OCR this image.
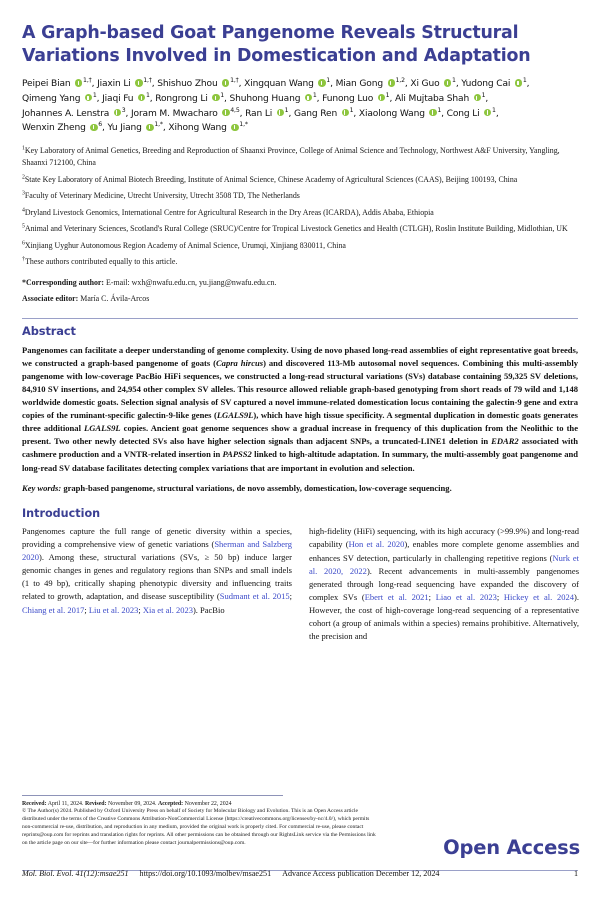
A Graph-based Goat Pangenome Reveals Structural Variations Involved in Domestication and Adaptation
Peipei Bian $^{1,\dagger}$, Jiaxin Li $^{1,\dagger}$, Shishuo Zhou $^{1,\dagger}$, Xingquan Wang $^1$, Mian Gong $^{1,2}$, Xi Guo $^1$, Yudong Cai $^1$, Qimeng Yang $^1$, Jiaqi Fu $^1$, Rongrong Li $^1$, Shuhong Huang $^1$, Funong Luo $^1$, Ali Mujtaba Shah $^1$, Johannes A. Lenstra $^3$, Joram M. Mwacharo $^{4,5}$, Ran Li $^1$, Gang Ren $^1$, Xiaolong Wang $^1$, Cong Li $^1$, Wenxin Zheng $^6$, Yu Jiang $^{1,*}$, Xihong Wang $^{1,*}$

$^1$Key Laboratory of Animal Genetics, Breeding and Reproduction of Shaanxi Province, College of Animal Science and Technology, Northwest A&F University, Yangling, Shaanxi 712100, China

$^2$State Key Laboratory of Animal Biotech Breeding, Institute of Animal Science, Chinese Academy of Agricultural Sciences (CAAS), Beijing 100193, China

$^3$Faculty of Veterinary Medicine, Utrecht University, Utrecht 3508 TD, The Netherlands

$^4$Dryland Livestock Genomics, International Centre for Agricultural Research in the Dry Areas (ICARDA), Addis Ababa, Ethiopia

$^5$Animal and Veterinary Sciences, Scotland's Rural College (SRUC)/Centre for Tropical Livestock Genetics and Health (CTLGH), Roslin Institute Building, Midlothian, UK

$^6$Xinjiang Uyghur Autonomous Region Academy of Animal Science, Urumqi, Xinjiang 830011, China

†These authors contributed equally to this article.

*Corresponding author: E-mail: wxh@nwafu.edu.cn, yu.jiang@nwafu.edu.cn.

Associate editor: María C. Ávila-Arcos

Abstract

Pangenomes can facilitate a deeper understanding of genome complexity. Using de novo phased long-read assemblies of eight representative goat breeds, we constructed a graph-based pangenome of goats (Capra hircus) and discovered 113-Mb autosomal novel sequences. Combining this multi-assembly pangenome with low-coverage PacBio HiFi sequences, we constructed a long-read structural variations (SVs) database containing 59,325 SV deletions, 84,910 SV insertions, and 24,954 other complex SV alleles. This resource allowed reliable graph-based genotyping from short reads of 79 wild and 1,148 worldwide domestic goats. Selection signal analysis of SV captured a novel immune-related domestication locus containing the galectin-9 gene and extra copies of the ruminant-specific galectin-9-like genes (LGALS9L), which have high tissue specificity. A segmental duplication in domestic goats generates three additional LGALS9L copies. Ancient goat genome sequences show a gradual increase in frequency of this duplication from the Neolithic to the present. Two other newly detected SVs also have higher selection signals than adjacent SNPs, a truncated-LINE1 deletion in EDAR2 associated with cashmere production and a VNTR-related insertion in PAPSS2 linked to high-altitude adaptation. In summary, the multi-assembly goat pangenome and long-read SV database facilitates detecting complex variations that are important in evolution and selection.

Key words: graph-based pangenome, structural variations, de novo assembly, domestication, low-coverage sequencing.

Introduction

Pangenomes capture the full range of genetic diversity within a species, providing a comprehensive view of genetic variations (Sherman and Salzberg 2020). Among these, structural variations (SVs, ≥ 50 bp) induce larger genomic changes in genes and regulatory regions than SNPs and small indels (1 to 49 bp), critically shaping phenotypic diversity and influencing traits related to growth, adaptation, and disease susceptibility (Sudmant et al. 2015; Chiang et al. 2017; Liu et al. 2023; Xia et al. 2023). PacBio

high-fidelity (HiFi) sequencing, with its high accuracy (>99.9%) and long-read capability (Hon et al. 2020), enables more complete genome assemblies and enhances SV detection, particularly in challenging repetitive regions (Nurk et al. 2020, 2022). Recent advancements in multi-assembly pangenomes generated through long-read sequencing have expanded the discovery of complex SVs (Ebert et al. 2021; Liao et al. 2023; Hickey et al. 2024). However, the cost of high-coverage long-read sequencing of a representative cohort (a group of animals within a species) remains prohibitive. Alternatively, the precision and

Received: April 11, 2024. Revised: November 09, 2024. Accepted: November 22, 2024

© The Author(s) 2024. Published by Oxford University Press on behalf of Society for Molecular Biology and Evolution. This is an Open Access article distributed under the terms of the Creative Commons Attribution-NonCommercial License (https://creativecommons.org/licenses/by-nc/4.0/), which permits non-commercial re-use, distribution, and reproduction in any medium, provided the original work is properly cited. For commercial re-use, please contact reprints@oup.com for reprints and translation rights for reprints. All other permissions can be obtained through our RightsLink service via the Permissions link on the article page on our site—for further information please contact journalpermissions@oup.com.	Open Access
Mol. Biol. Evol. 41(12):msae251 https://doi.org/10.1093/molbev/msae251 Advance Access publication December 12, 2024	1
